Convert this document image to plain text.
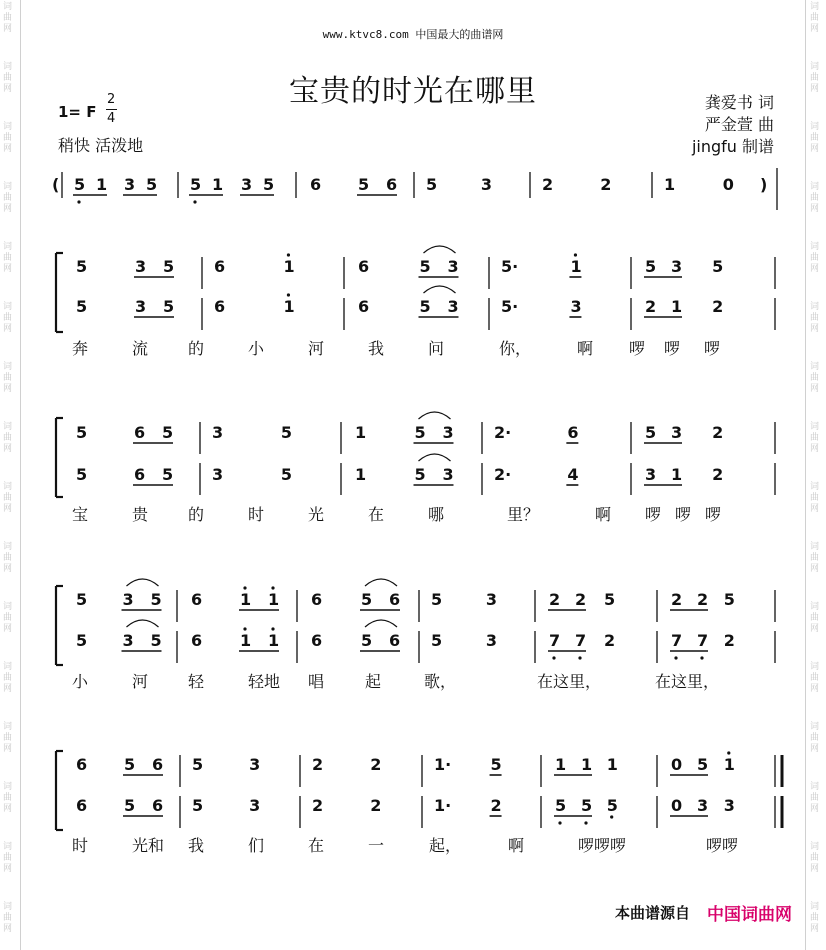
词
曲
网
词
曲
网
词
曲
网
词
曲
网
词
曲
网
词
曲
网
词
曲
网
词
曲
网
词
曲
网
词
曲
网
词
曲
网
词
曲
网
词
曲
网
词
曲
网
词
曲
网
词
曲
网
词
曲
网
词
曲
网
词
曲
网
词
曲
网
词
曲
网
词
曲
网
词
曲
网
词
曲
网
词
曲
网
词
曲
网
词
曲
网
词
曲
网
词
曲
网
词
曲
网
词
曲
网
词
曲
网
www.ktvc8.com 中国最大的曲谱网
宝贵的时光在哪里
1= F
2
4
稍快 活泼地
龚爱书 词
严金萱 曲
jingfu 制谱
(	)
5 1 3 5 5 1 3 5 6 5 6 5	3	2	2	1	0
5	3 5 6	1	6	5 3	5·	1	5 3 5
5	3 5 6	1	6	5 3	5·	3	2 1 2
奔	流 的	小	河	我	问	你，	啊 啰 啰 啰
5	6 5 3	5	1	5 3	2·	6	5 3 2
5	6 5 3	5	1	5 3	2·	4	3 1 2
宝	贵 的	时	光	在	哪	里？	啊 啰 啰 啰
5 3 5 6 1 1 6 5 6 5	3	2 2 5	2 2 5
5 3 5 6 1 1 6 5 6 5	3	7 7 2	7 7 2
小	河 轻	轻地 唱	起	歌，	在这里，	在这里，
6 5 6 5	3	2	2	1· 5	1 1 1	0 5 1
6 5 6 5	3	2	2	1· 2	5 5 5	0 3 3
时	光和 我	们	在	一	起，	啊	啰啰啰	啰啰
本曲谱源自 中国词曲网
